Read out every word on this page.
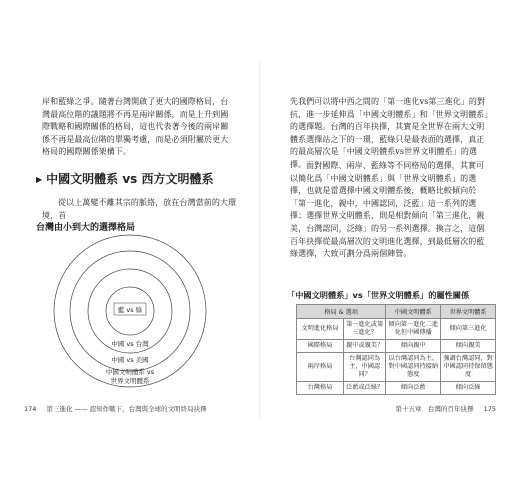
岸和藍綠之爭。隨著台灣開啟了更大的國際格局，台灣最高位階的議題將不再是兩岸關係，而是上升到國際戰略和國際關係的格局，這也代表著今後的兩岸關係不再是最高位階的單獨考慮，而是必須附屬於更大格局的國際關係架構下。

▶ 中國文明體系 vs 西方文明體系

從以上萬變不離其宗的脈絡，放在台灣當前的大環境，首

台灣由小到大的選擇格局
藍 vs 綠
中國 vs 台灣
中國 vs 美國
中國文明體系 vs
世界文明體系
174 第三進化 —— 認知作戰下，台灣與全球的文明終局抉擇

先我們可以將中西之間的「第一進化vs第三進化」的對抗，進一步延伸爲「中國文明體系」和「世界文明體系」的選擇題。台灣的百年抉擇，其實是全世界在兩大文明體系選擇站之下的一環，藍綠只是最表面的選擇，真正的最高層次是「中國文明體系vs世界文明體系」的選擇。 面對國際、兩岸、藍綠等不同格局的選擇，其實可以簡化爲「中國文明體系」與「世界文明體系」的選擇，也就是當選擇中國文明體系後，概略比較傾向於「第一進化，親中，中國認同，泛藍」這一系列的選擇；選擇世界文明體系，則是相對傾向「第三進化，親美，台灣認同，泛綠」的另一系列選擇。換言之，這個百年抉擇從最高層次的文明進化選擇，到最低層次的藍綠選擇，大致可劃分爲兩個陣營。

「中國文明體系」vs「世界文明體系」的屬性關係
格局 & 選項		中國文明體系	世界文明體系
文明進化格局	第一進化或第三進化？	傾向第一進化二進化但中國傳播	傾向第三進化
國際格局	親中或親美？	傾向親中	傾向親美
兩岸格局	台灣認同為主，中國認同？	以台灣認同為主，對中國認同持接納態度	強調台灣認同，對中國認同持保留態度
台灣格局	泛藍或泛綠？	傾向泛藍	傾向泛綠
第十五章　台灣的百年抉擇 175
